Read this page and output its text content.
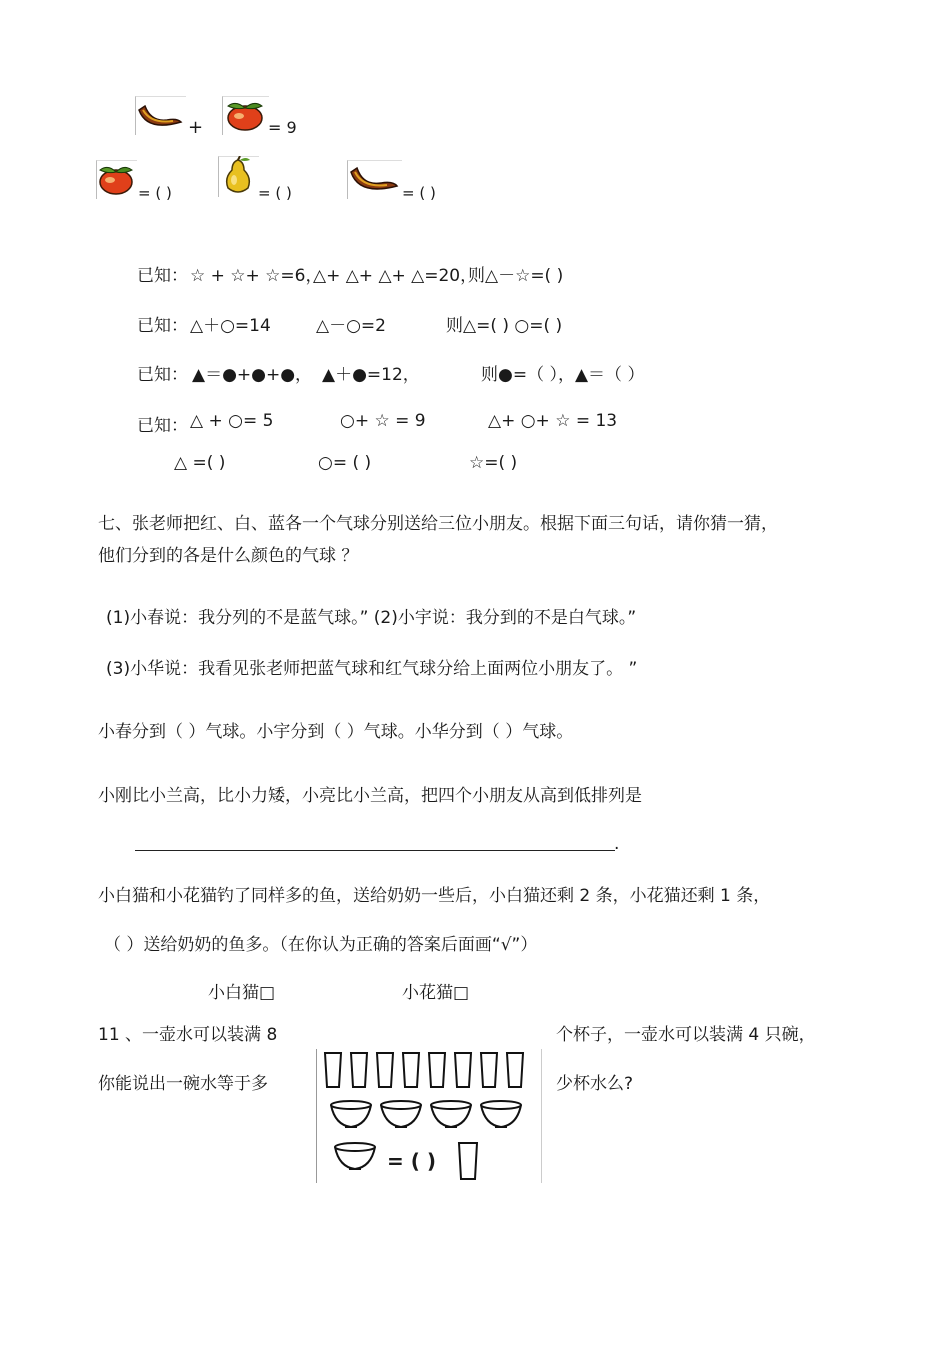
+	= 9
= ( )	= ( )	= ( )
已知： ☆ + ☆+ ☆=6，
△+ △+ △+ △=20，
则△－☆=( )
已知： △＋○=14	△－○=2	则△=( ) ○=( )
已知： ▲＝●+●+●， ▲＋●=12，	则●=（ ），▲＝（ ）
已知： △ + ○= 5	○+ ☆ = 9	△+ ○+ ☆ = 13
△ =( )	○= ( )	☆=( )
七、张老师把红、白、蓝各一个气球分别送给三位小朋友。根据下面三句话，请你猜一猜，
他们分到的各是什么颜色的气球 ？
(1)小春说：我分列的不是蓝气球。” (2)小宇说：我分到的不是白气球。”
(3)小华说：我看见张老师把蓝气球和红气球分给上面两位小朋友了。 ”
小春分到（ ）气球。小宇分到（ ）气球。小华分到（ ）气球。
小刚比小兰高，比小力矮，小亮比小兰高，把四个小朋友从高到低排列是
.
小白猫和小花猫钓了同样多的鱼，送给奶奶一些后，小白猫还剩 2 条，小花猫还剩 1 条，
（ ）送给奶奶的鱼多。（在你认为正确的答案后面画“√”）
小白猫□	小花猫□
11 、一壶水可以装满 8	个杯子，一壶水可以装满 4 只碗，
你能说出一碗水等于多	少杯水么?
= ( )
